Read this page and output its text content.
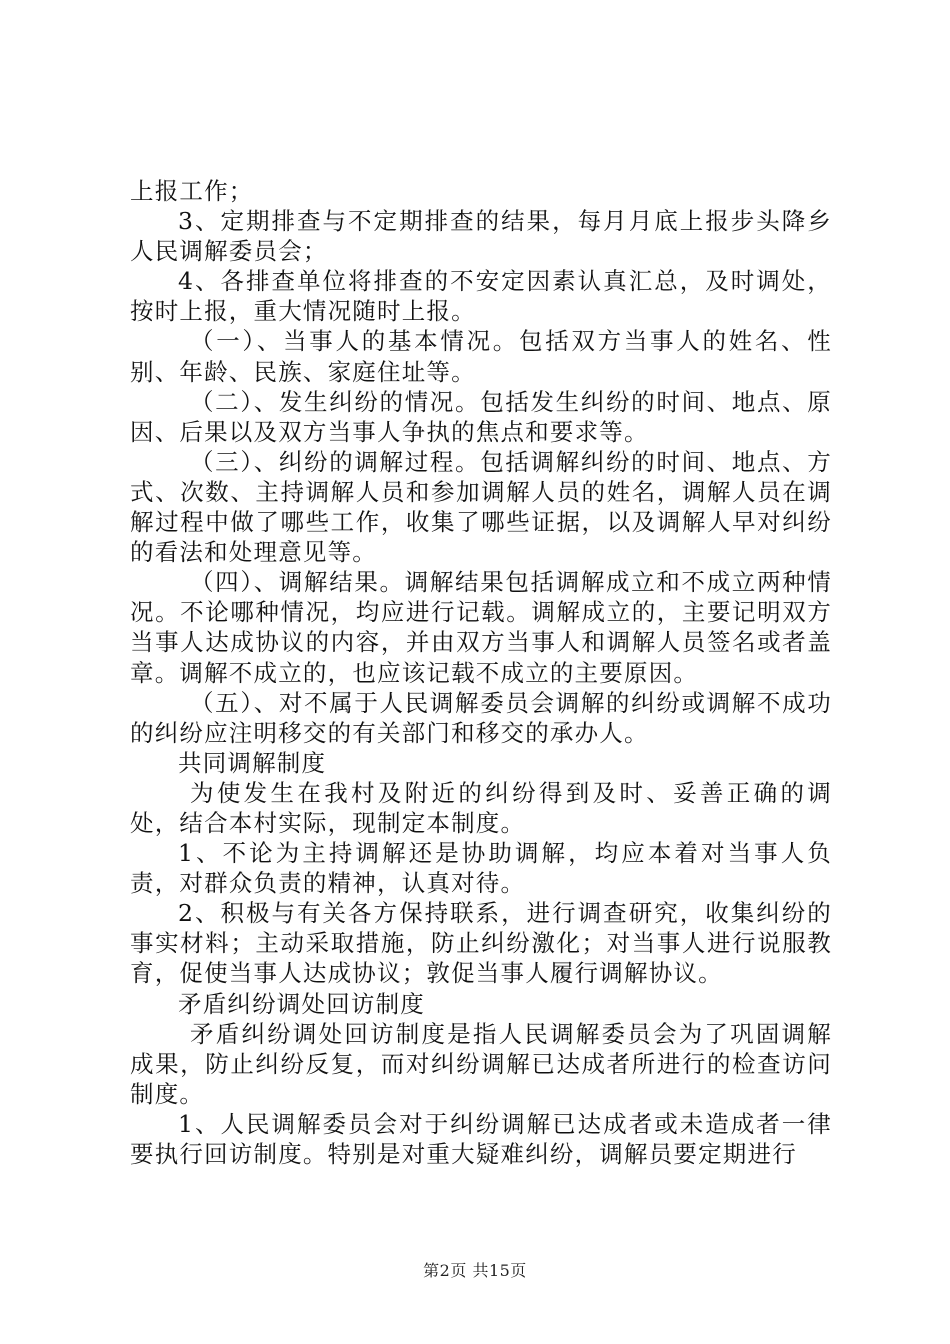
上报工作；

3、定期排查与不定期排查的结果，每月月底上报步头降乡人民调解委员会；

4、各排查单位将排查的不安定因素认真汇总，及时调处，按时上报，重大情况随时上报。

（一）、当事人的基本情况。包括双方当事人的姓名、性别、年龄、民族、家庭住址等。

（二）、发生纠纷的情况。包括发生纠纷的时间、地点、原因、后果以及双方当事人争执的焦点和要求等。

（三）、纠纷的调解过程。包括调解纠纷的时间、地点、方式、次数、主持调解人员和参加调解人员的姓名，调解人员在调解过程中做了哪些工作，收集了哪些证据，以及调解人早对纠纷的看法和处理意见等。

（四）、调解结果。调解结果包括调解成立和不成立两种情况。不论哪种情况，均应进行记载。调解成立的，主要记明双方当事人达成协议的内容，并由双方当事人和调解人员签名或者盖章。调解不成立的，也应该记载不成立的主要原因。

（五）、对不属于人民调解委员会调解的纠纷或调解不成功的纠纷应注明移交的有关部门和移交的承办人。

共同调解制度

为使发生在我村及附近的纠纷得到及时、妥善正确的调处，结合本村实际，现制定本制度。

1、不论为主持调解还是协助调解，均应本着对当事人负责，对群众负责的精神，认真对待。

2、积极与有关各方保持联系，进行调查研究，收集纠纷的事实材料；主动采取措施，防止纠纷激化；对当事人进行说服教育，促使当事人达成协议；敦促当事人履行调解协议。

矛盾纠纷调处回访制度

矛盾纠纷调处回访制度是指人民调解委员会为了巩固调解成果，防止纠纷反复，而对纠纷调解已达成者所进行的检查访问制度。

1、人民调解委员会对于纠纷调解已达成者或未造成者一律要执行回访制度。特别是对重大疑难纠纷，调解员要定期进行

第2页 共15页
